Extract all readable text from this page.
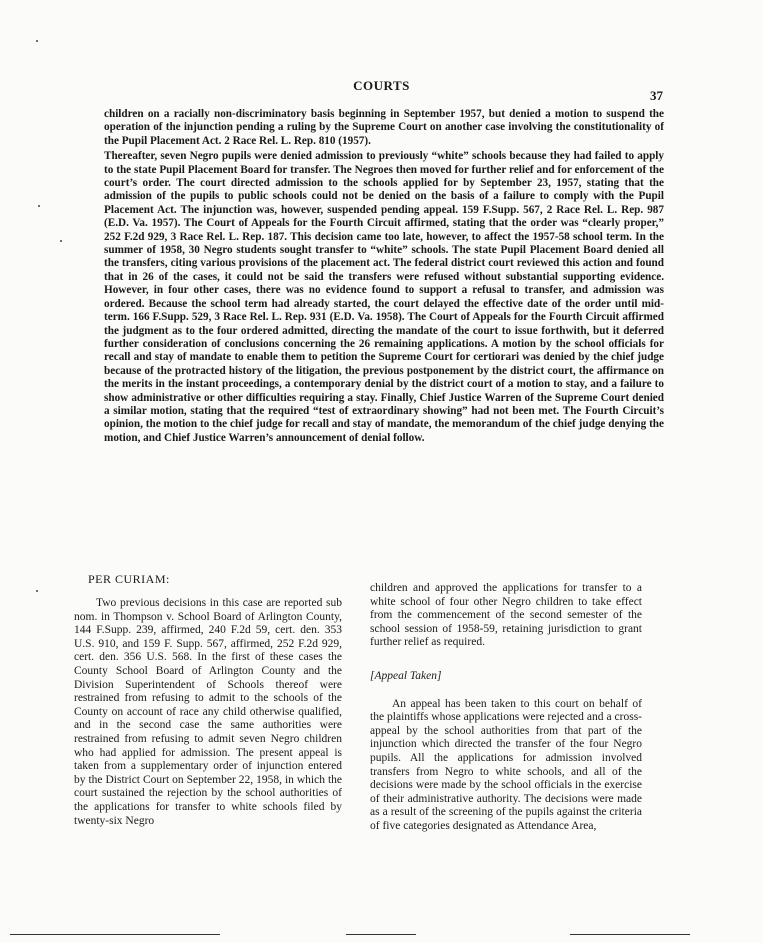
COURTS
37

children on a racially non-discriminatory basis beginning in September 1957, but denied a motion to suspend the operation of the injunction pending a ruling by the Supreme Court on another case involving the constitutionality of the Pupil Placement Act. 2 Race Rel. L. Rep. 810 (1957).

Thereafter, seven Negro pupils were denied admission to previously “white” schools because they had failed to apply to the state Pupil Placement Board for transfer. The Negroes then moved for further relief and for enforcement of the court’s order. The court directed admission to the schools applied for by September 23, 1957, stating that the admission of the pupils to public schools could not be denied on the basis of a failure to comply with the Pupil Placement Act. The injunction was, however, suspended pending appeal. 159 F.Supp. 567, 2 Race Rel. L. Rep. 987 (E.D. Va. 1957). The Court of Appeals for the Fourth Circuit affirmed, stating that the order was “clearly proper,” 252 F.2d 929, 3 Race Rel. L. Rep. 187. This decision came too late, however, to affect the 1957-58 school term. In the summer of 1958, 30 Negro students sought transfer to “white” schools. The state Pupil Placement Board denied all the transfers, citing various provisions of the placement act. The federal district court reviewed this action and found that in 26 of the cases, it could not be said the transfers were refused without substantial supporting evidence. However, in four other cases, there was no evidence found to support a refusal to transfer, and admission was ordered. Because the school term had already started, the court delayed the effective date of the order until mid-term. 166 F.Supp. 529, 3 Race Rel. L. Rep. 931 (E.D. Va. 1958). The Court of Appeals for the Fourth Circuit affirmed the judgment as to the four ordered admitted, directing the mandate of the court to issue forthwith, but it deferred further consideration of conclusions concerning the 26 remaining applications. A motion by the school officials for recall and stay of mandate to enable them to petition the Supreme Court for certiorari was denied by the chief judge because of the protracted history of the litigation, the previous postponement by the district court, the affirmance on the merits in the instant proceedings, a contemporary denial by the district court of a motion to stay, and a failure to show administrative or other difficulties requiring a stay. Finally, Chief Justice Warren of the Supreme Court denied a similar motion, stating that the required “test of extraordinary showing” had not been met. The Fourth Circuit’s opinion, the motion to the chief judge for recall and stay of mandate, the memorandum of the chief judge denying the motion, and Chief Justice Warren’s announcement of denial follow.

PER CURIAM:

Two previous decisions in this case are reported sub nom. in Thompson v. School Board of Arlington County, 144 F.Supp. 239, affirmed, 240 F.2d 59, cert. den. 353 U.S. 910, and 159 F. Supp. 567, affirmed, 252 F.2d 929, cert. den. 356 U.S. 568. In the first of these cases the County School Board of Arlington County and the Division Superintendent of Schools thereof were restrained from refusing to admit to the schools of the County on account of race any child otherwise qualified, and in the second case the same authorities were restrained from refusing to admit seven Negro children who had applied for admission. The present appeal is taken from a supplementary order of injunction entered by the District Court on September 22, 1958, in which the court sustained the rejection by the school authorities of the applications for transfer to white schools filed by twenty-six Negro

children and approved the applications for transfer to a white school of four other Negro children to take effect from the commencement of the second semester of the school session of 1958-59, retaining jurisdiction to grant further relief as required.

[Appeal Taken]

An appeal has been taken to this court on behalf of the plaintiffs whose applications were rejected and a cross-appeal by the school authorities from that part of the injunction which directed the transfer of the four Negro pupils. All the applications for admission involved transfers from Negro to white schools, and all of the decisions were made by the school officials in the exercise of their administrative authority. The decisions were made as a result of the screening of the pupils against the criteria of five categories designated as Attendance Area,
